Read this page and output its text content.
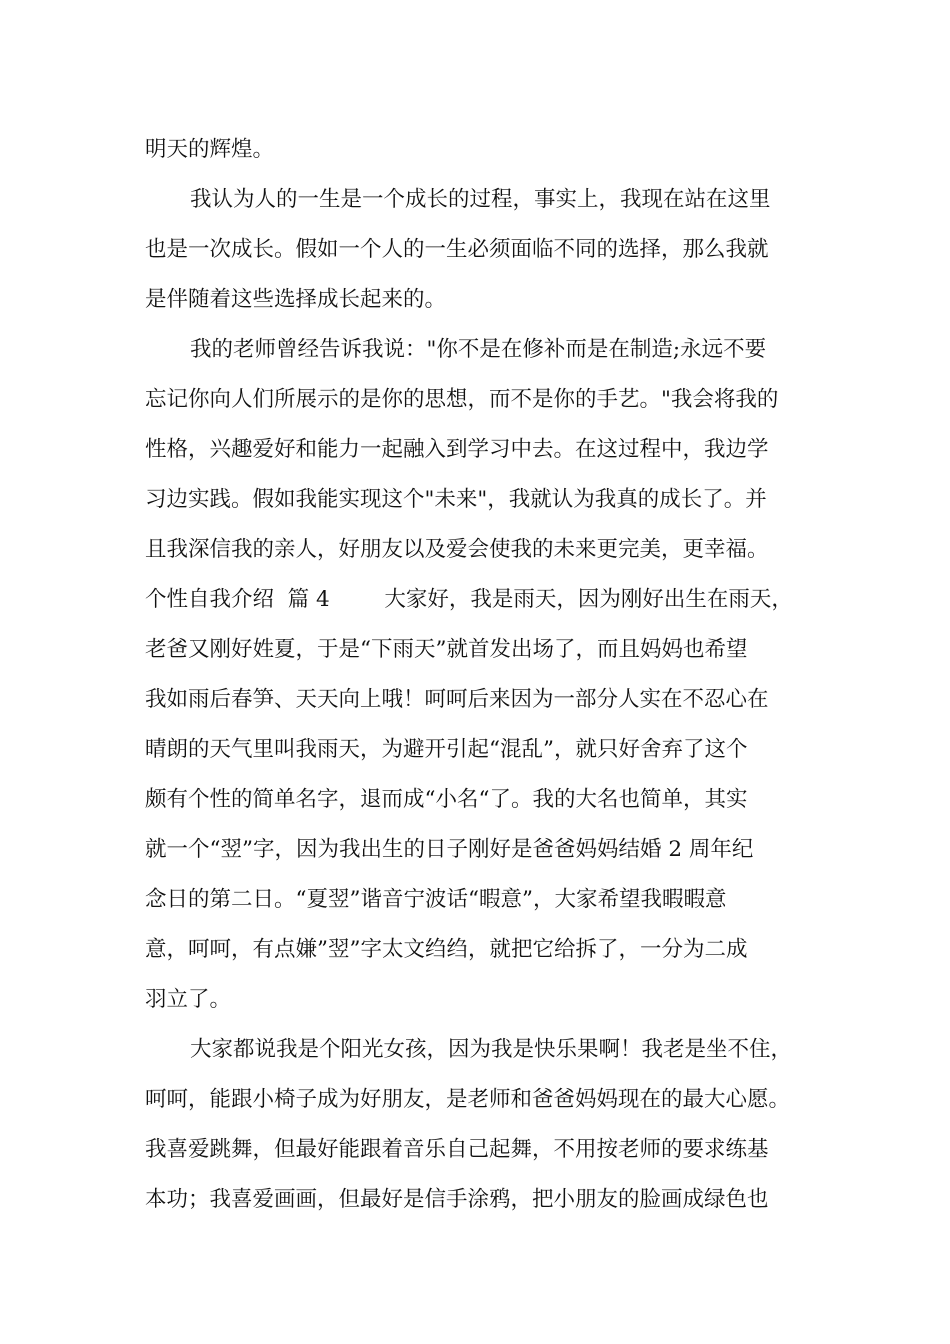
明天的辉煌。
我认为人的一生是一个成长的过程，事实上，我现在站在这里
也是一次成长。假如一个人的一生必须面临不同的选择，那么我就
是伴随着这些选择成长起来的。
我的老师曾经告诉我说："你不是在修补而是在制造;永远不要
忘记你向人们所展示的是你的思想，而不是你的手艺。"我会将我的
性格，兴趣爱好和能力一起融入到学习中去。在这过程中，我边学
习边实践。假如我能实现这个"未来"，我就认为我真的成长了。并
且我深信我的亲人，好朋友以及爱会使我的未来更完美，更幸福。
个性自我介绍  篇 4        大家好，我是雨天，因为刚好出生在雨天，
老爸又刚好姓夏，于是“下雨天”就首发出场了，而且妈妈也希望
我如雨后春笋、天天向上哦！呵呵后来因为一部分人实在不忍心在
晴朗的天气里叫我雨天，为避开引起“混乱”，就只好舍弃了这个
颇有个性的简单名字，退而成“小名“了。我的大名也简单，其实
就一个“翌”字，因为我出生的日子刚好是爸爸妈妈结婚 2 周年纪
念日的第二日。“夏翌”谐音宁波话“暇意”，大家希望我暇暇意
意，呵呵，有点嫌”翌”字太文绉绉，就把它给拆了，一分为二成
羽立了。
大家都说我是个阳光女孩，因为我是快乐果啊！我老是坐不住，
呵呵，能跟小椅子成为好朋友，是老师和爸爸妈妈现在的最大心愿。
我喜爱跳舞，但最好能跟着音乐自己起舞，不用按老师的要求练基
本功；我喜爱画画，但最好是信手涂鸦，把小朋友的脸画成绿色也
